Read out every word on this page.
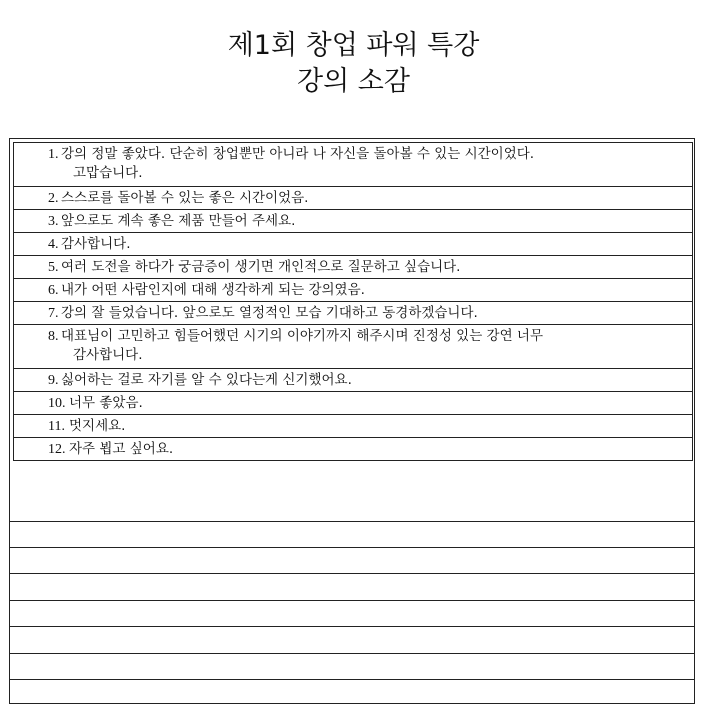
제1회 창업 파워 특강
강의 소감
1. 강의 정말 좋았다. 단순히 창업뿐만 아니라 나 자신을 돌아볼 수 있는 시간이었다.
고맙습니다.
2. 스스로를 돌아볼 수 있는 좋은 시간이었음.
3. 앞으로도 계속 좋은 제품 만들어 주세요.
4. 감사합니다.
5. 여러 도전을 하다가 궁금증이 생기면 개인적으로 질문하고 싶습니다.
6. 내가 어떤 사람인지에 대해 생각하게 되는 강의였음.
7. 강의 잘 들었습니다. 앞으로도 열정적인 모습 기대하고 동경하겠습니다.
8. 대표님이 고민하고 힘들어했던 시기의 이야기까지 해주시며 진정성 있는 강연 너무
감사합니다.
9. 싫어하는 걸로 자기를 알 수 있다는게 신기했어요.
10. 너무 좋았음.
11. 멋지세요.
12. 자주 뵙고 싶어요.
